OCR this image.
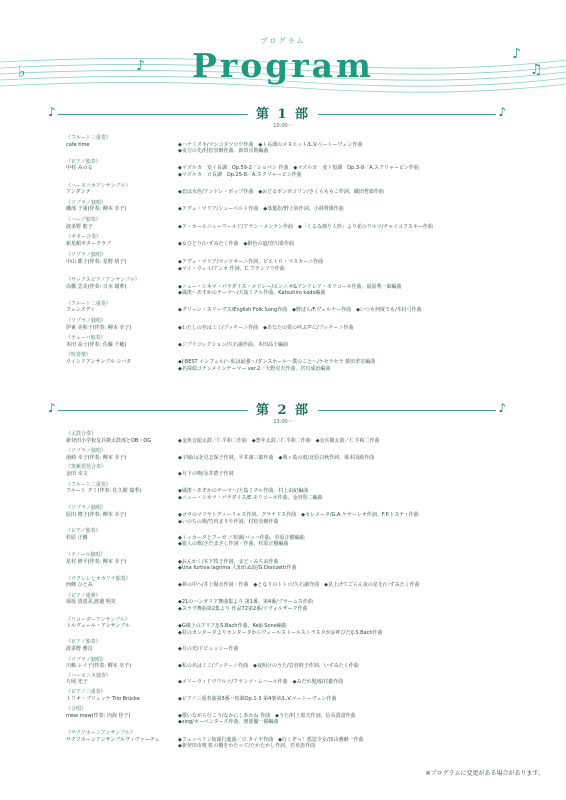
♭	♪
♪
♫
プログラム
Program
♪	♪
第 1 部
10:00〜
《フルート三重奏》
cafe time	◆ハナミズキ/マシコタツロウ作曲　◆ト長調のメヌエット/L.V.ベートーヴェン作曲
◆夜刀の先/村松崇継作曲、新田宜則編曲
《ピアノ独奏》
中村 みのる	◆マズルカ　変イ長調　Op.59-2／ショパン 作曲　◆マズルカ　変ト短調　Op.3-9／A.スクリャービン作曲
◆マズルカ　ロ長調　Op.25-8／A.スクリャービン作曲
《ハーモニカアンサンブル》
アンダンテ	◆恋は水色/アンドレ・ポップ作曲　◆おどるポンポコリン/さくらももこ作詞、織田哲郎作曲
《ソプラノ独唱》
磯部 千重(伴奏: 柳本 幸子)	◆アヴェ・マリア/シューベルト作曲　◆落葉松/野上彰作詞、小林秀雄作曲
《ハープ独奏》
波多野 皓子	◆ア・ホールニューワールド/アラン・メンケン作曲　◆「くるみ割り人形」より花のワルツ/チャイコフスキー作曲
《ギター合奏》
新星館ギタークラブ	◆女ひとり/いずみたく作曲　◆銀色の道/宮川泰作曲
《ソプラノ独唱》
中山 都子(伴奏: 星野 靖子)	◆アヴェ・マリア/マッツオーニ作詞、ピエトロ・マスカーニ作曲
◆マイ・ウェイ/アンカ 作詞、C.フランソワ作曲
《サックスピアノアンサンブル》
高橋 雲美(伴奏: 日水 瑠華)	◆ニュー・シネマ・パラダイス・メドレー/エンニオ&アンドレア・モリコーネ作曲、福原秀一郎編曲
◆風笛〜あすかのテーマ〜/大島ミチル作曲、Katsuhiro kado編曲
《フルート二重奏》
フェンズディ	◆グリーン・スリーヴス/English Folk Song作曲　◆野ばら/F.ヴェルナー作曲　◆いつも何度でも/木村弓作曲
《ソプラノ独唱》
伊東 美和子(伴奏: 柳本 幸子)	◆わたしの名はミミ/プッチーニ作曲　◆あなたの愛の呼ぶ声に/プッチーニ作曲
《テェーバ独奏》
本田 高士(伴奏: 佐藤 千穂)	◆ジブリコレクション/久石譲作曲、本田高士編曲
《吹奏楽》
ウインドアンサンブル シバタ	◆J-BEST インフェル/〜私は最強〜/ダンスホール〜僕のこと〜/ケセラセラ 柴田孝宏編曲
◆名探偵コナンメインテーマー ver.2／大野克夫作曲、宮川成治編曲
♪	♪
第 2 部
13:00〜
《太鼓合奏》
新発田小学校友兵衛太鼓部とOB・OG	◆金魚音頭太鼓／仁平和二作曲　◆豊年太鼓／仁平和二作曲　◆金兵衛太鼓／仁平和二作曲
《ソプラノ独唱》
湯崎 幸子(伴奏: 柳本 幸子)	◆宇城山/北見志保子作詞、平井康三郎作曲　◆城ヶ島の雨/北原白秋作詞、梁本国源作曲
《筑紫琵琶合奏》
金田 幸文	◆月下の吻/永井碧子作詞
《フルート二重奏》
フルート グミ(伴奏: 佐久間 瑞季)	◆風笛〜あすかのテーマ〜/大島ミチル作曲、村上由紀編曲
◆ニュー・シネマ・パラダイス/E.モリコーネ作曲、金谷堅二編曲
《ソプラノ独唱》
原田 禮子(伴奏: 柳本 幸子)	◆ゴウのマリヤトディーリャス作詞、グラナドス作曲　◆セレメータ/G.A.ケサーレオ作詞、F.P.トスティ作曲
◆いのちの歌/竹内まりや作詞、村松崇継作曲
《ピアノ独奏》
杉原 正樹	◆トッカータとフーガ ニ短調/バッハ作曲、杉原正樹編曲
◆旅人の歌/さだまさし作詞・作曲、杉原正樹編曲
《テノール独唱》
星村 修平(伴奏: 柳本 幸子)	◆おんかく/木下牧子作詞、まど・みちお作曲
◆Una furtiva lagrima 人知れぬ涙/G.Donizetti作曲
《ウクレレとオカリナ独奏》
西條 ひとみ	◆夢の中へ/井上陽水作詞・作曲　◆となりのトトロ/久石譲作曲　◆見上げてごらん夜の星を/いずみたく作曲
《ピアノ連弾》
保坂 貴恵美,渡邉 明美	◆21のハンガリア舞曲集より 第1番、第4番/ブラームス作曲
◆スラヴ舞曲第2集より 作品72第2番/ドヴォルザーク作曲
《リコーダーアンサンブル》
トルヴェール・アンサンブル	◆G線上のアリア/J.S.Bach作曲、Keiji Sone編曲
◆村のカンタータよりカンタータからヴェールストールストラスタがお呼びだ/J.S.Bach作曲
《ピアノ独奏》
波多野 雅昌	◆月の光/ドビュッシー作曲
《ソプラノ独唱》
川嶋 レイ子(伴奏: 柳本 幸子)	◆私の名はミミ/プッチーニ作曲　◆夜明けのうた/岩谷時子作詞、いずみたく作曲
《ハーモニカ独奏》
片岡 光子	◆メリーウィドウワルツ/フランツ・レハール作曲　◆みだれ髪/船村徹作曲
《ピアノ三重奏》
トリオ・ブリュッケ Trio Brücke	◆ピアノ三重奏曲第3番ハ短調Op.1-3 第4楽章/L.V.ベートーヴェン作曲
《合唱》
mew mew(伴奏: 内海 佳子)	◆歌いながら行こう/なかにしあかね 作曲　◆うた/村上昭夫作詞、信長貴富作曲
◆sing/カーペンターズ作曲、渡部優一郎編曲
《サクソホーンアンサンブル》
サクソホーンアンサンブルヴィヴァーチェ	◆フェッペリン街頭行進曲／ロ.タイヤ作曲　◆行くぞっ！悪造少女/田山雅継一作曲
◆新発田市歌 虹の橋をわたって/たかたかし作詞、若草恵作曲
※プログラムに変更がある場合があります。
